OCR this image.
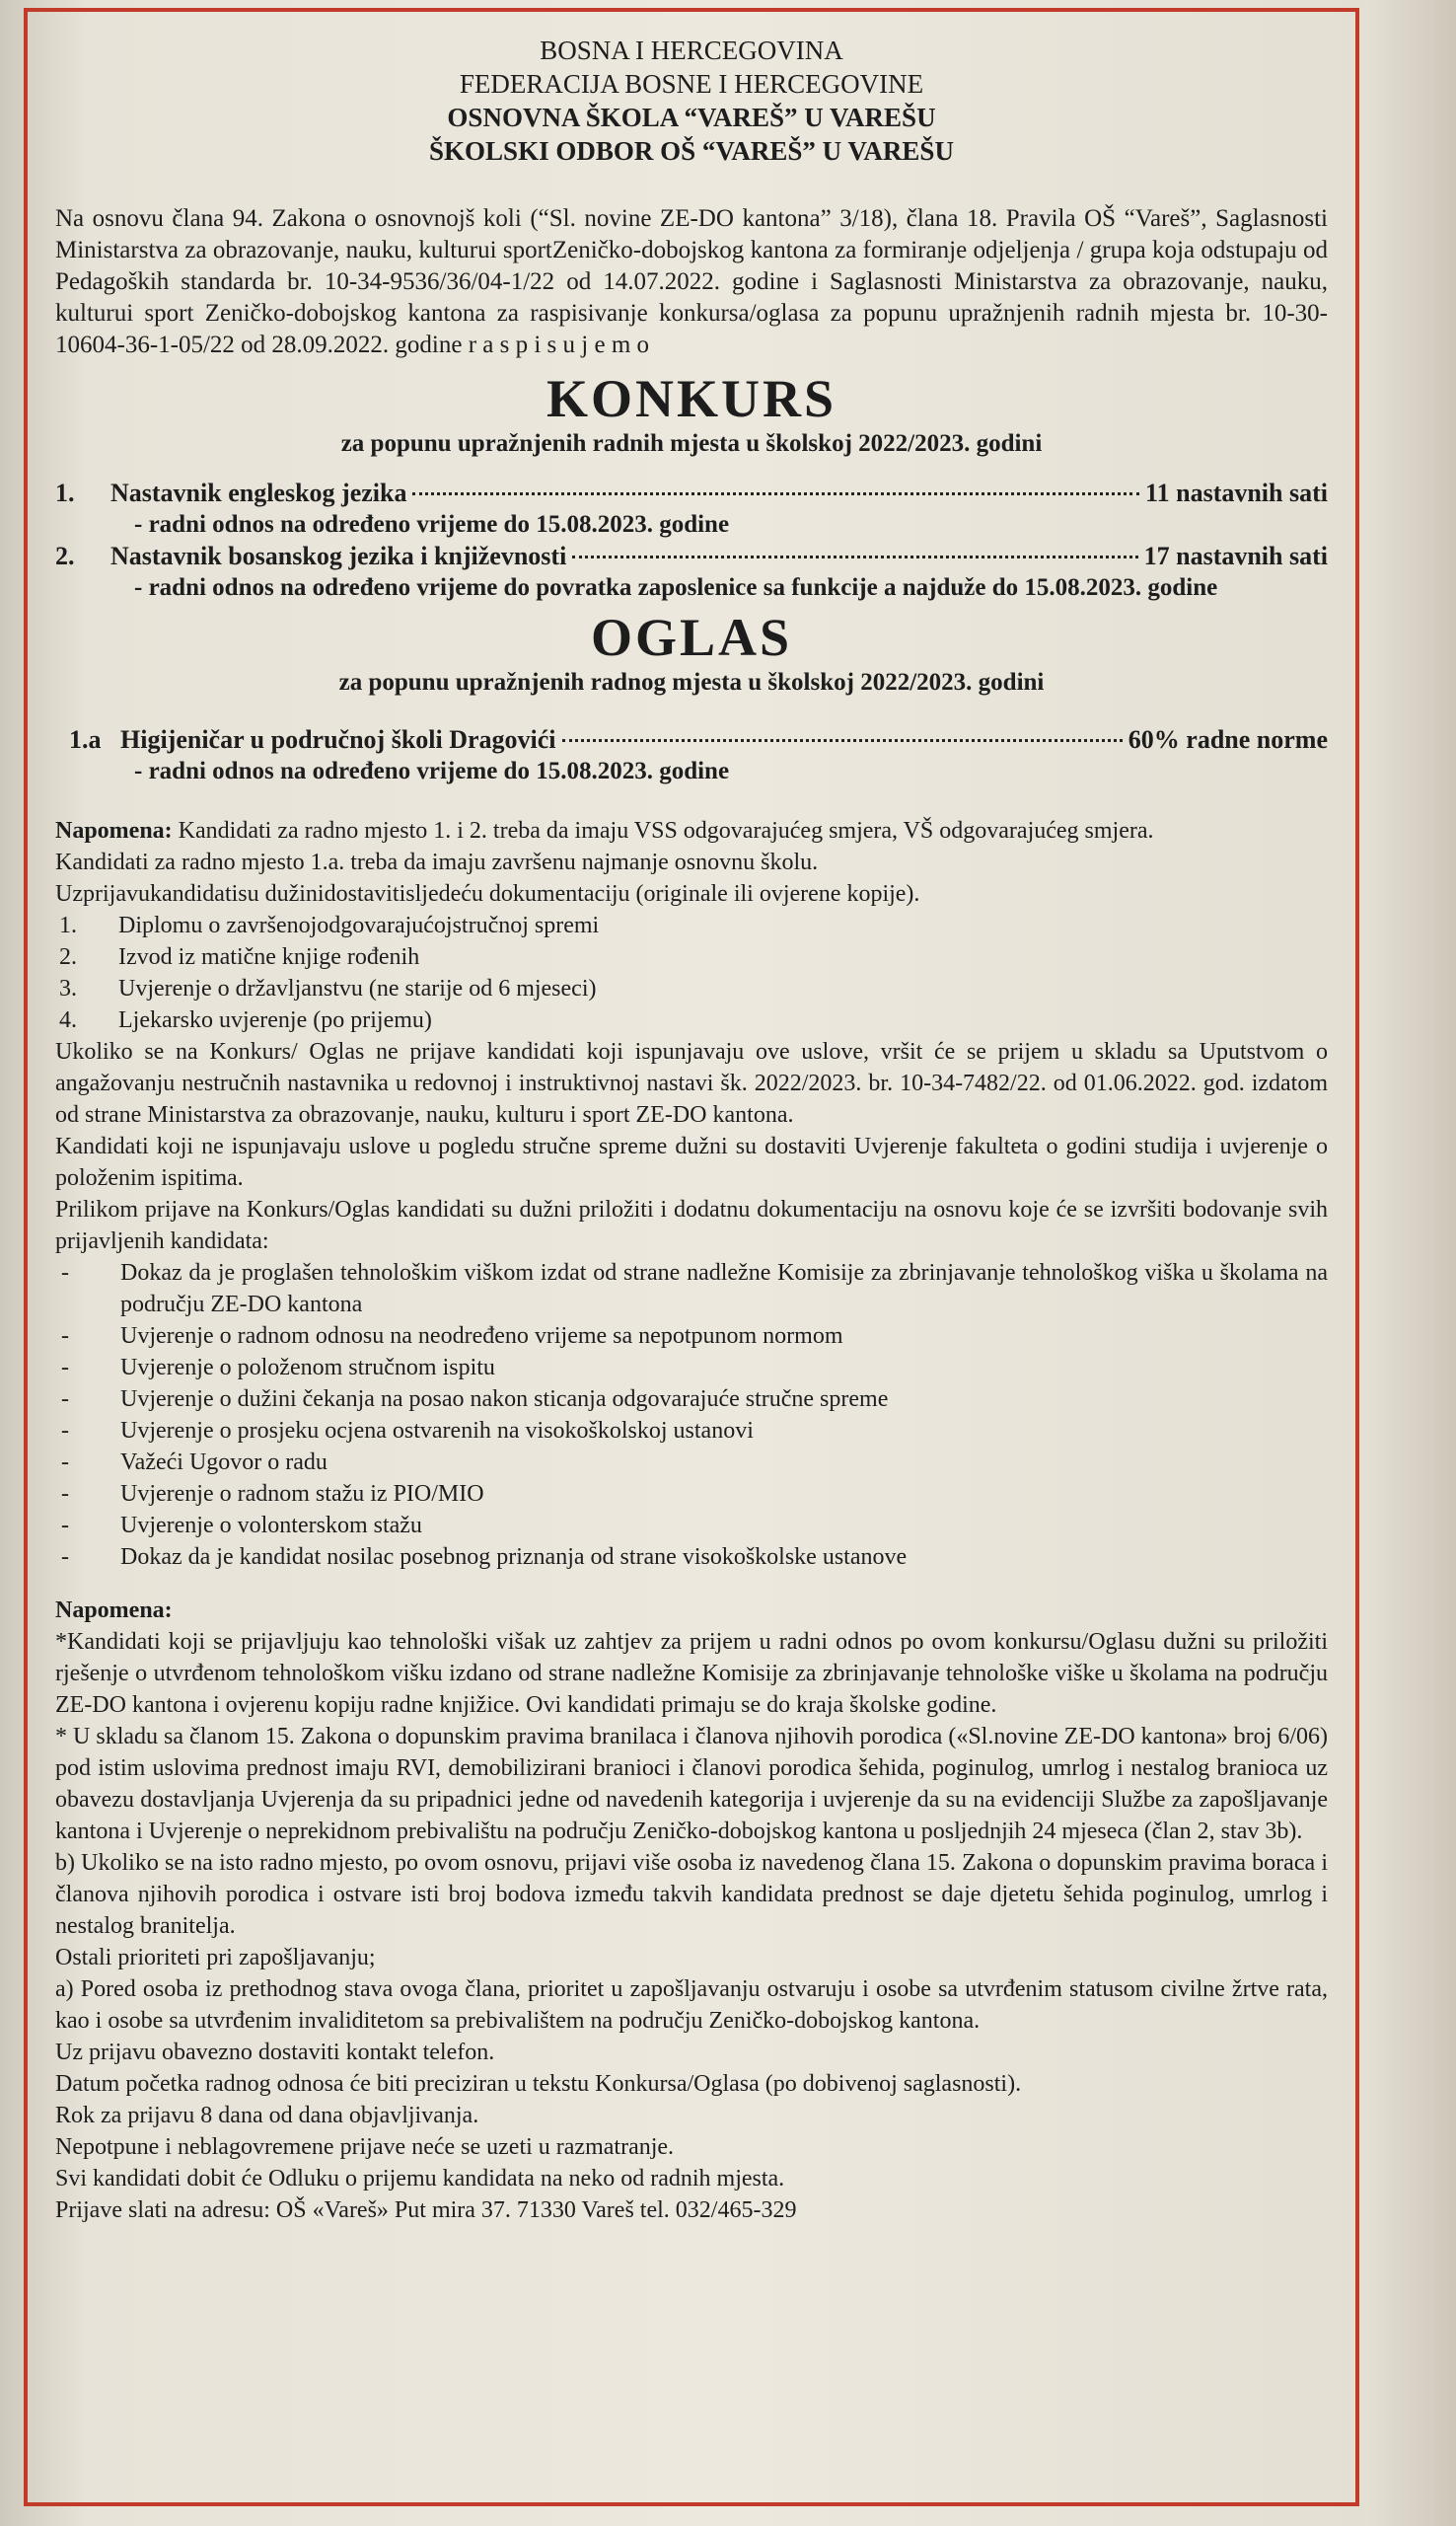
BOSNA I HERCEGOVINA
FEDERACIJA BOSNE I HERCEGOVINE
OSNOVNA ŠKOLA “VAREŠ” U VAREŠU
ŠKOLSKI ODBOR OŠ “VAREŠ” U VAREŠU

Na osnovu člana 94. Zakona o osnovnojš koli (“Sl. novine ZE-DO kantona” 3/18), člana 18. Pravila OŠ “Vareš”, Saglasnosti Ministarstva za obrazovanje, nauku, kulturui sportZeničko-dobojskog kantona za formiranje odjeljenja / grupa koja odstupaju od Pedagoških standarda br. 10-34-9536/36/04-1/22 od 14.07.2022. godine i Saglasnosti Ministarstva za obrazovanje, nauku, kulturui sport Zeničko-dobojskog kantona za raspisivanje konkursa/oglasa za popunu upražnjenih radnih mjesta br. 10-30-10604-36-1-05/22 od 28.09.2022. godine r a s p i s u j e m o

KONKURS
za popunu upražnjenih radnih mjesta u školskoj 2022/2023. godini
1.	Nastavnik engleskog jezika	11 nastavnih sati
- radni odnos na određeno vrijeme do 15.08.2023. godine
2.	Nastavnik bosanskog jezika i književnosti	17 nastavnih sati
- radni odnos na određeno vrijeme do povratka zaposlenice sa funkcije a najduže do 15.08.2023. godine
OGLAS
za popunu upražnjenih radnog mjesta u školskoj 2022/2023. godini
1.a Higijeničar u područnoj školi Dragovići	60% radne norme
- radni odnos na određeno vrijeme do 15.08.2023. godine

Napomena: Kandidati za radno mjesto 1. i 2. treba da imaju VSS odgovarajućeg smjera, VŠ odgovarajućeg smjera.

Kandidati za radno mjesto 1.a. treba da imaju završenu najmanje osnovnu školu.

Uzprijavukandidatisu dužinidostavitisljedeću dokumentaciju (originale ili ovjerene kopije).

1.	Diplomu o završenojodgovarajućojstručnoj spremi
2.	Izvod iz matične knjige rođenih
3.	Uvjerenje o državljanstvu (ne starije od 6 mjeseci)
4.	Ljekarsko uvjerenje (po prijemu)

Ukoliko se na Konkurs/ Oglas ne prijave kandidati koji ispunjavaju ove uslove, vršit će se prijem u skladu sa Uputstvom o angažovanju nestručnih nastavnika u redovnoj i instruktivnoj nastavi šk. 2022/2023. br. 10-34-7482/22. od 01.06.2022. god. izdatom od strane Ministarstva za obrazovanje, nauku, kulturu i sport ZE-DO kantona.

Kandidati koji ne ispunjavaju uslove u pogledu stručne spreme dužni su dostaviti Uvjerenje fakulteta o godini studija i uvjerenje o položenim ispitima.

Prilikom prijave na Konkurs/Oglas kandidati su dužni priložiti i dodatnu dokumentaciju na osnovu koje će se izvršiti bodovanje svih prijavljenih kandidata:

-	Dokaz da je proglašen tehnološkim viškom izdat od strane nadležne Komisije za zbrinjavanje tehnološkog viška u školama na području ZE-DO kantona
-	Uvjerenje o radnom odnosu na neodređeno vrijeme sa nepotpunom normom
-	Uvjerenje o položenom stručnom ispitu
-	Uvjerenje o dužini čekanja na posao nakon sticanja odgovarajuće stručne spreme
-	Uvjerenje o prosjeku ocjena ostvarenih na visokoškolskoj ustanovi
-	Važeći Ugovor o radu
-	Uvjerenje o radnom stažu iz PIO/MIO
-	Uvjerenje o volonterskom stažu
-	Dokaz da je kandidat nosilac posebnog priznanja od strane visokoškolske ustanove

Napomena:

*Kandidati koji se prijavljuju kao tehnološki višak uz zahtjev za prijem u radni odnos po ovom konkursu/Oglasu dužni su priložiti rješenje o utvrđenom tehnološkom višku izdano od strane nadležne Komisije za zbrinjavanje tehnološke viške u školama na području ZE-DO kantona i ovjerenu kopiju radne knjižice. Ovi kandidati primaju se do kraja školske godine.

* U skladu sa članom 15. Zakona o dopunskim pravima branilaca i članova njihovih porodica («Sl.novine ZE-DO kantona» broj 6/06) pod istim uslovima prednost imaju RVI, demobilizirani branioci i članovi porodica šehida, poginulog, umrlog i nestalog branioca uz obavezu dostavljanja Uvjerenja da su pripadnici jedne od navedenih kategorija i uvjerenje da su na evidenciji Službe za zapošljavanje kantona i Uvjerenje o neprekidnom prebivalištu na području Zeničko-dobojskog kantona u posljednjih 24 mjeseca (član 2, stav 3b).

b) Ukoliko se na isto radno mjesto, po ovom osnovu, prijavi više osoba iz navedenog člana 15. Zakona o dopunskim pravima boraca i članova njihovih porodica i ostvare isti broj bodova između takvih kandidata prednost se daje djetetu šehida poginulog, umrlog i nestalog branitelja.

Ostali prioriteti pri zapošljavanju;

a) Pored osoba iz prethodnog stava ovoga člana, prioritet u zapošljavanju ostvaruju i osobe sa utvrđenim statusom civilne žrtve rata, kao i osobe sa utvrđenim invaliditetom sa prebivalištem na području Zeničko-dobojskog kantona.

Uz prijavu obavezno dostaviti kontakt telefon.

Datum početka radnog odnosa će biti preciziran u tekstu Konkursa/Oglasa (po dobivenoj saglasnosti).

Rok za prijavu 8 dana od dana objavljivanja.

Nepotpune i neblagovremene prijave neće se uzeti u razmatranje.

Svi kandidati dobit će Odluku o prijemu kandidata na neko od radnih mjesta.

Prijave slati na adresu: OŠ «Vareš» Put mira 37. 71330 Vareš tel. 032/465-329
